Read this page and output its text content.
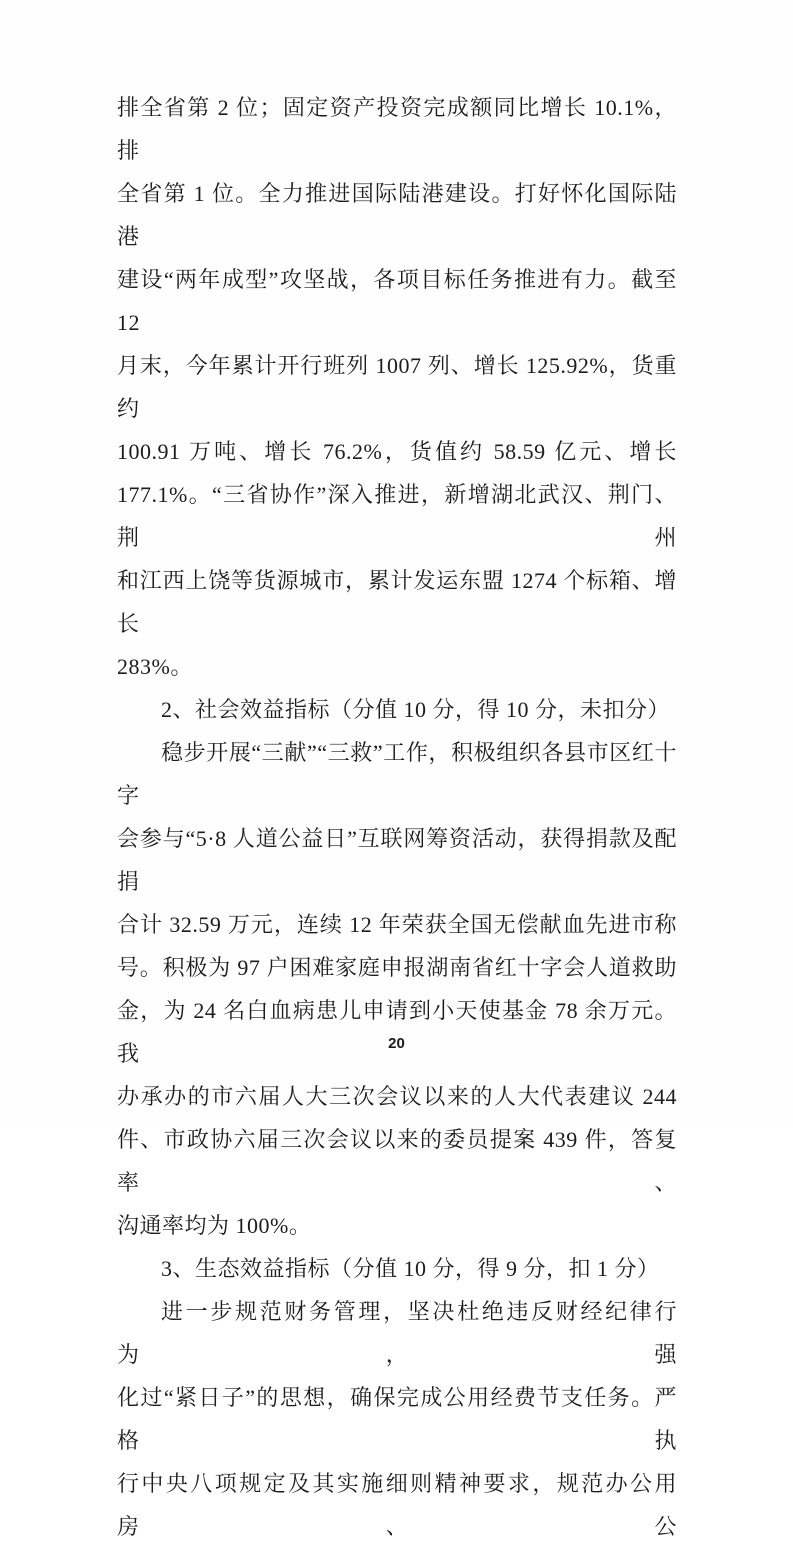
排全省第 2 位；固定资产投资完成额同比增长 10.1%，排
全省第 1 位。全力推进国际陆港建设。打好怀化国际陆港
建设“两年成型”攻坚战，各项目标任务推进有力。截至 12
月末，今年累计开行班列 1007 列、增长 125.92%，货重约
100.91 万吨、增长 76.2%，货值约 58.59 亿元、增长
177.1%。“三省协作”深入推进，新增湖北武汉、荆门、荆州
和江西上饶等货源城市，累计发运东盟 1274 个标箱、增长
283%。
2、社会效益指标（分值 10 分，得 10 分，未扣分）
稳步开展“三献”“三救”工作，积极组织各县市区红十字
会参与“5·8 人道公益日”互联网筹资活动，获得捐款及配捐
合计 32.59 万元，连续 12 年荣获全国无偿献血先进市称
号。积极为 97 户困难家庭申报湖南省红十字会人道救助
金，为 24 名白血病患儿申请到小天使基金 78 余万元。我
办承办的市六届人大三次会议以来的人大代表建议 244
件、市政协六届三次会议以来的委员提案 439 件，答复率、
沟通率均为 100%。
3、生态效益指标（分值 10 分，得 9 分，扣 1 分）
进一步规范财务管理，坚决杜绝违反财经纪律行为，强
化过“紧日子”的思想，确保完成公用经费节支任务。严格执
行中央八项规定及其实施细则精神要求，规范办公用房、公
20
